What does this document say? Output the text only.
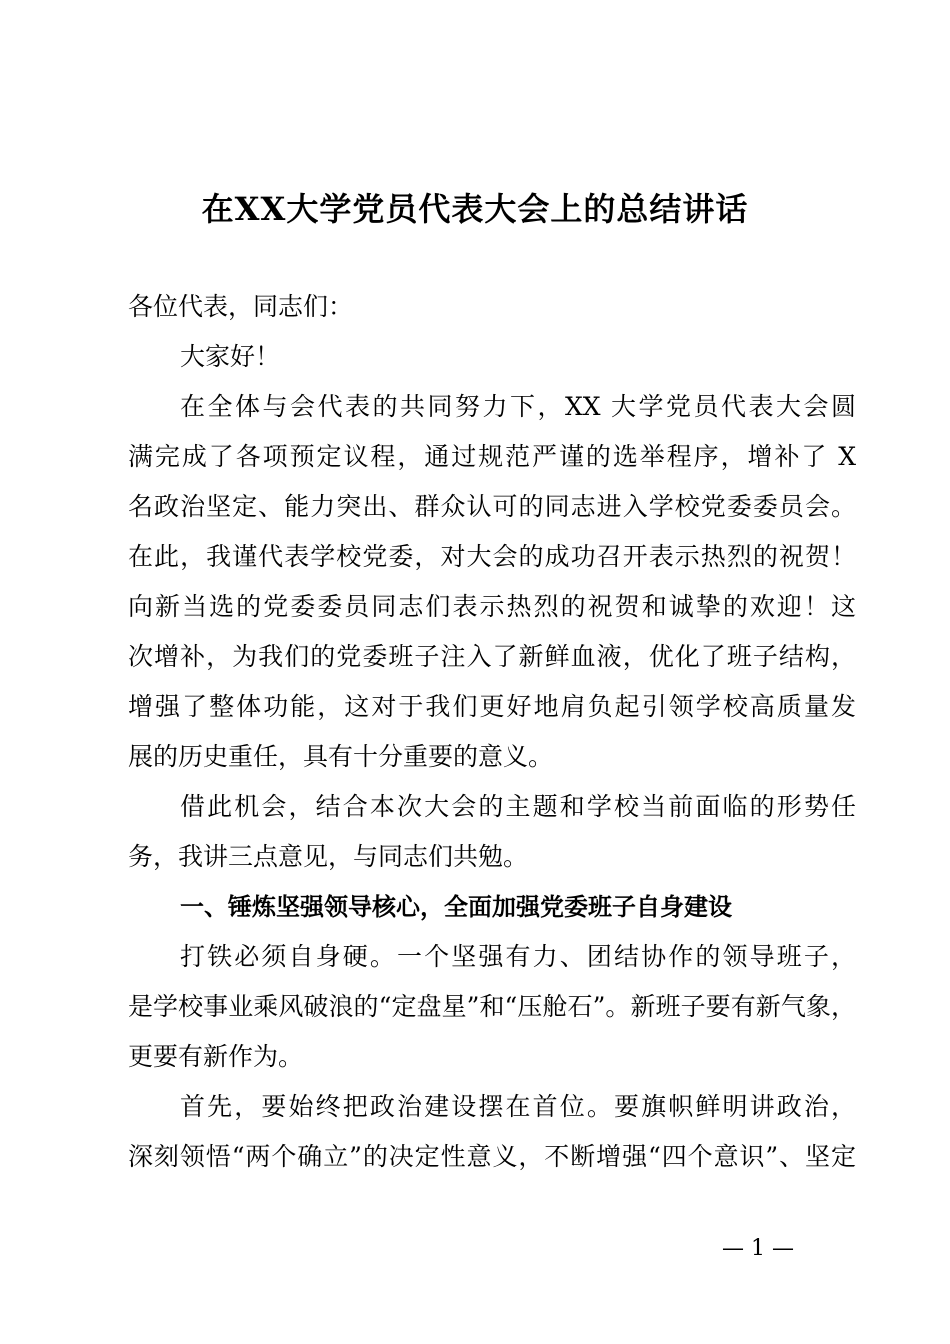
在XX大学党员代表大会上的总结讲话
各位代表，同志们：
大家好！
在全体与会代表的共同努力下，XX 大学党员代表大会圆
满完成了各项预定议程，通过规范严谨的选举程序，增补了 X
名政治坚定、能力突出、群众认可的同志进入学校党委委员会。
在此，我谨代表学校党委，对大会的成功召开表示热烈的祝贺！
向新当选的党委委员同志们表示热烈的祝贺和诚挚的欢迎！这
次增补，为我们的党委班子注入了新鲜血液，优化了班子结构，
增强了整体功能，这对于我们更好地肩负起引领学校高质量发
展的历史重任，具有十分重要的意义。
借此机会，结合本次大会的主题和学校当前面临的形势任
务，我讲三点意见，与同志们共勉。
一、锤炼坚强领导核心，全面加强党委班子自身建设
打铁必须自身硬。一个坚强有力、团结协作的领导班子，
是学校事业乘风破浪的“定盘星”和“压舱石”。新班子要有新气象，
更要有新作为。
首先，要始终把政治建设摆在首位。要旗帜鲜明讲政治，
深刻领悟“两个确立”的决定性意义，不断增强“四个意识”、坚定
— 1 —
